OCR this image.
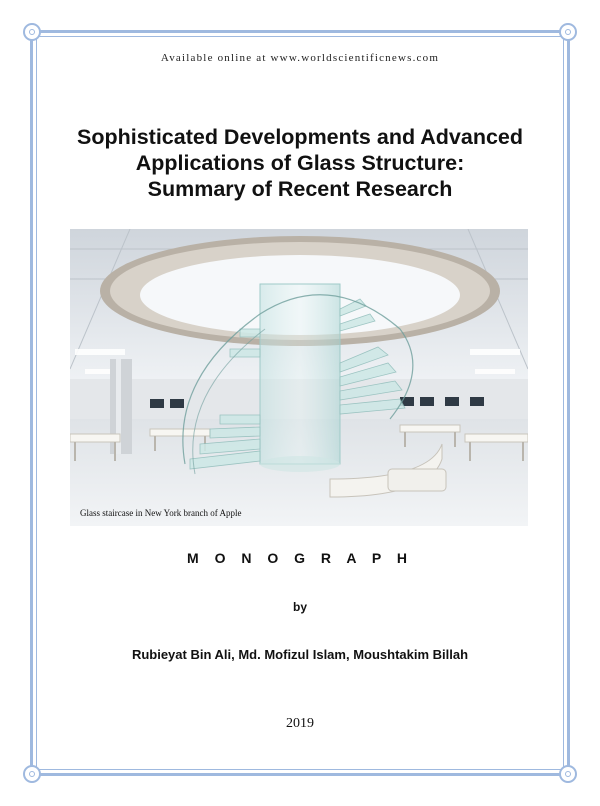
Available online at www.worldscientificnews.com
Sophisticated Developments and Advanced
Applications of Glass Structure:
Summary of Recent Research
Glass staircase in New York branch of Apple
M O N O G R A P H
by
Rubieyat Bin Ali, Md. Mofizul Islam, Moushtakim Billah
2019
